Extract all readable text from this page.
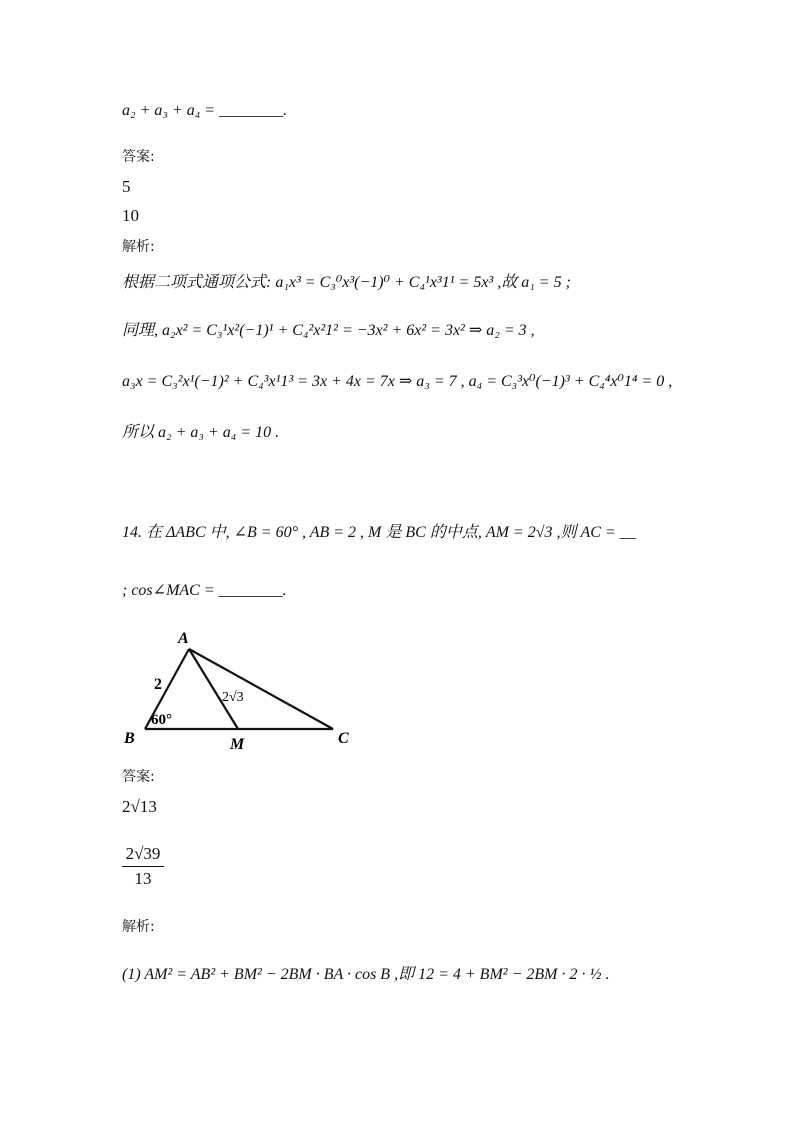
a₂ + a₃ + a₄ = ________.
答案:
5
10
解析:
根据二项式通项公式: a₁x³ = C₃⁰x³(−1)⁰ + C₄¹x³1¹ = 5x³ ,故 a₁ = 5 ;
同理, a₂x² = C₃¹x²(−1)¹ + C₄²x²1² = −3x² + 6x² = 3x² ⇒ a₂ = 3 ,
a₃x = C₃²x¹(−1)² + C₄³x¹1³ = 3x + 4x = 7x ⇒ a₃ = 7 , a₄ = C₃³x⁰(−1)³ + C₄⁴x⁰1⁴ = 0 ,
所以 a₂ + a₃ + a₄ = 10 .
14. 在 ΔABC 中, ∠B = 60° , AB = 2 , M 是 BC 的中点, AM = 2√3 ,则 AC = __
; cos∠MAC = ________.
A
B	C
M
2
60°
2√3
答案:
2√13
2√39
13
解析:
(1) AM² = AB² + BM² − 2BM · BA · cos B ,即 12 = 4 + BM² − 2BM · 2 · ½ .
